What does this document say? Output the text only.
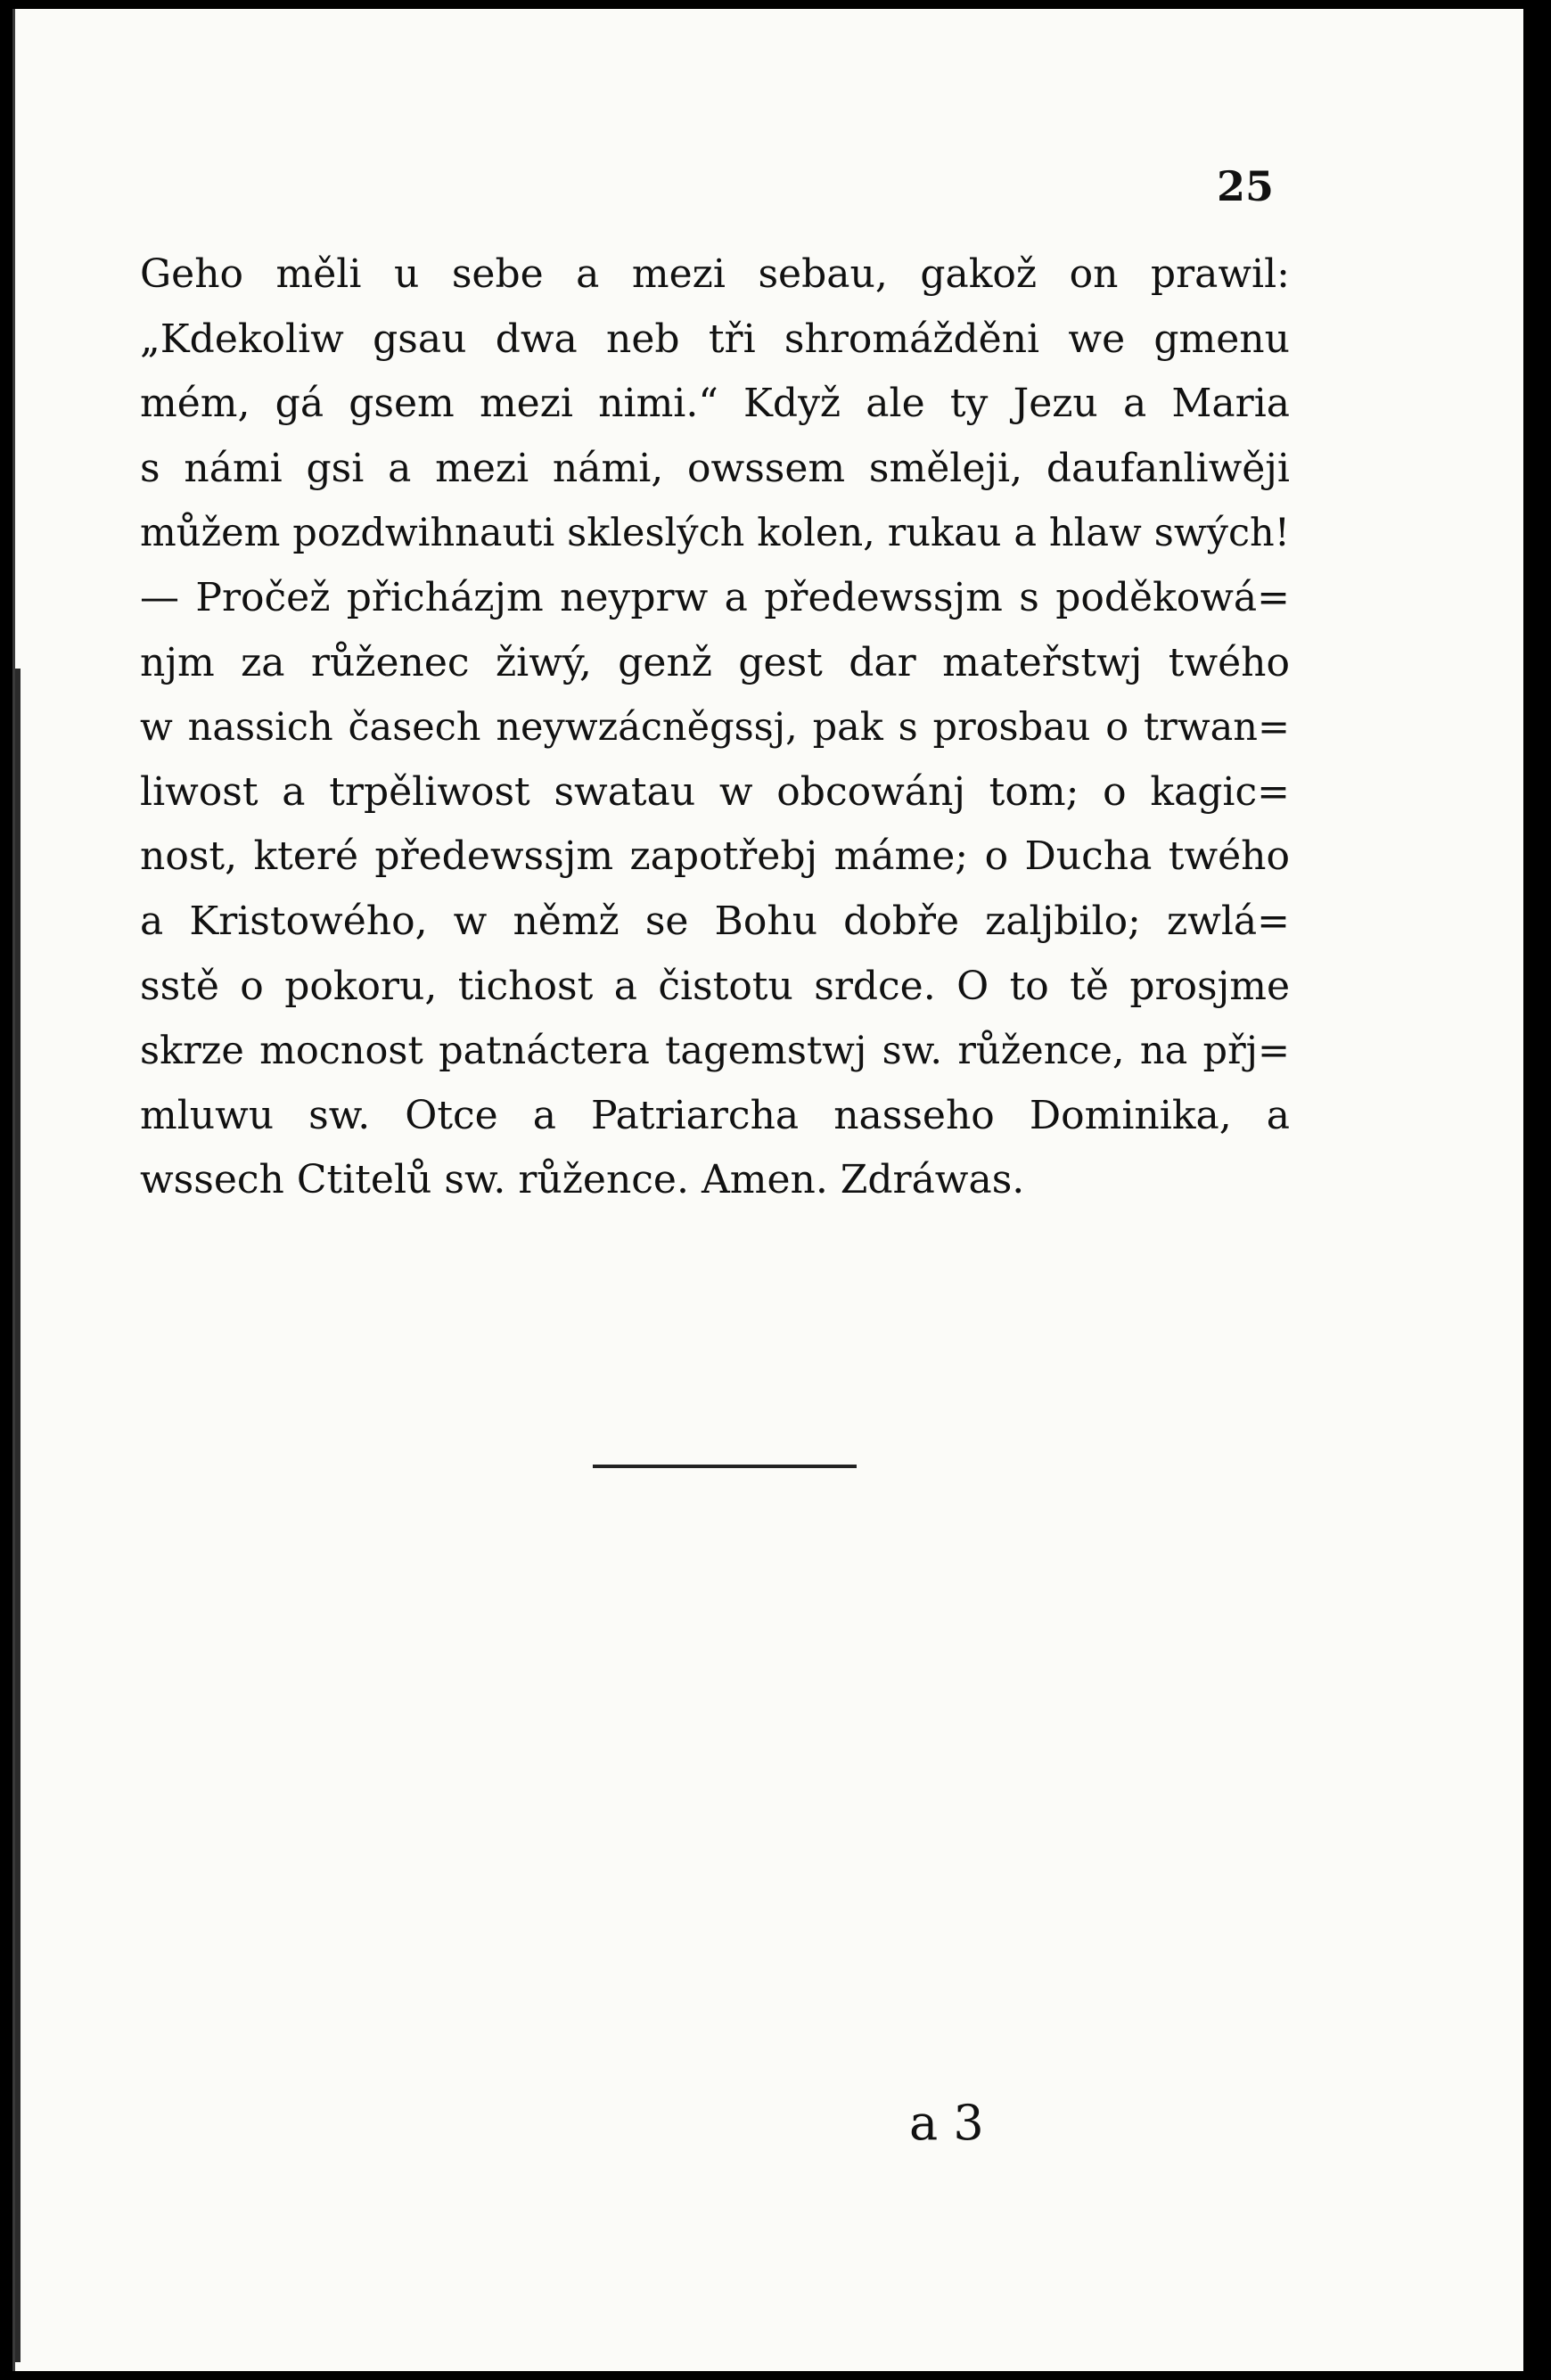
25
Geho měli u sebe a mezi sebau, gakož on prawil:
„Kdekoliw gsau dwa neb tři shromážděni we gmenu
mém, gá gsem mezi nimi.“ Když ale ty Jezu a Maria
s námi gsi a mezi námi, owssem směleji, daufanliwěji
můžem pozdwihnauti skleslých kolen, rukau a hlaw swých!
— Pročež přicházjm neyprw a předewssjm s poděkowá=
njm za růženec žiwý, genž gest dar mateřstwj twého
w nassich časech neywzácněgssj, pak s prosbau o trwan=
liwost a trpěliwost swatau w obcowánj tom; o kagic=
nost, které předewssjm zapotřebj máme; o Ducha twého
a Kristowého, w němž se Bohu dobře zaljbilo; zwlá=
sstě o pokoru, tichost a čistotu srdce. O to tě prosjme
skrze mocnost patnáctera tagemstwj sw. růžence, na přj=
mluwu sw. Otce a Patriarcha nasseho Dominika, a
wssech Ctitelů sw. růžence. Amen. Zdráwas.
a 3
